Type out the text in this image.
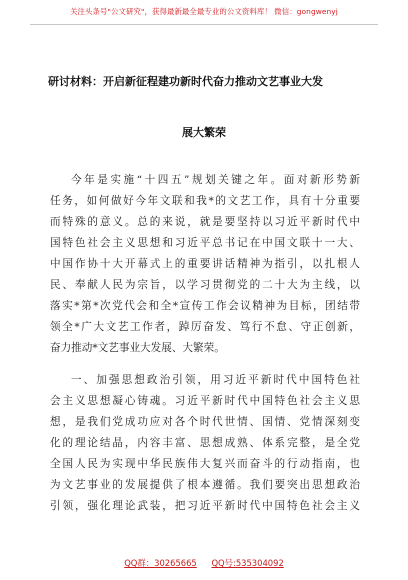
关注头条号"公文研究"，获得最新最全最专业的公文资料库！ 微信：gongwenyj
研讨材料：开启新征程建功新时代奋力推动文艺事业大发
展大繁荣
今年是实施“十四五”规划关键之年。面对新形势新
任务，如何做好今年文联和我*的文艺工作，具有十分重要
而特殊的意义。总的来说，就是要坚持以习近平新时代中
国特色社会主义思想和习近平总书记在中国文联十一大、
中国作协十大开幕式上的重要讲话精神为指引，以扎根人
民、奉献人民为宗旨，以学习贯彻党的二十大为主线，以
落实*第*次党代会和全*宣传工作会议精神为目标，团结带
领全*广大文艺工作者，踔厉奋发、笃行不怠、守正创新，
奋力推动*文艺事业大发展、大繁荣。
一、加强思想政治引领，用习近平新时代中国特色社
会主义思想凝心铸魂。习近平新时代中国特色社会主义思
想，是我们党成功应对各个时代世情、国情、党情深刻变
化的理论结晶，内容丰富、思想成熟、体系完整，是全党
全国人民为实现中华民族伟大复兴而奋斗的行动指南，也
为文艺事业的发展提供了根本遵循。我们要突出思想政治
引领，强化理论武装，把习近平新时代中国特色社会主义
QQ群：30265665 QQ号:535304092
